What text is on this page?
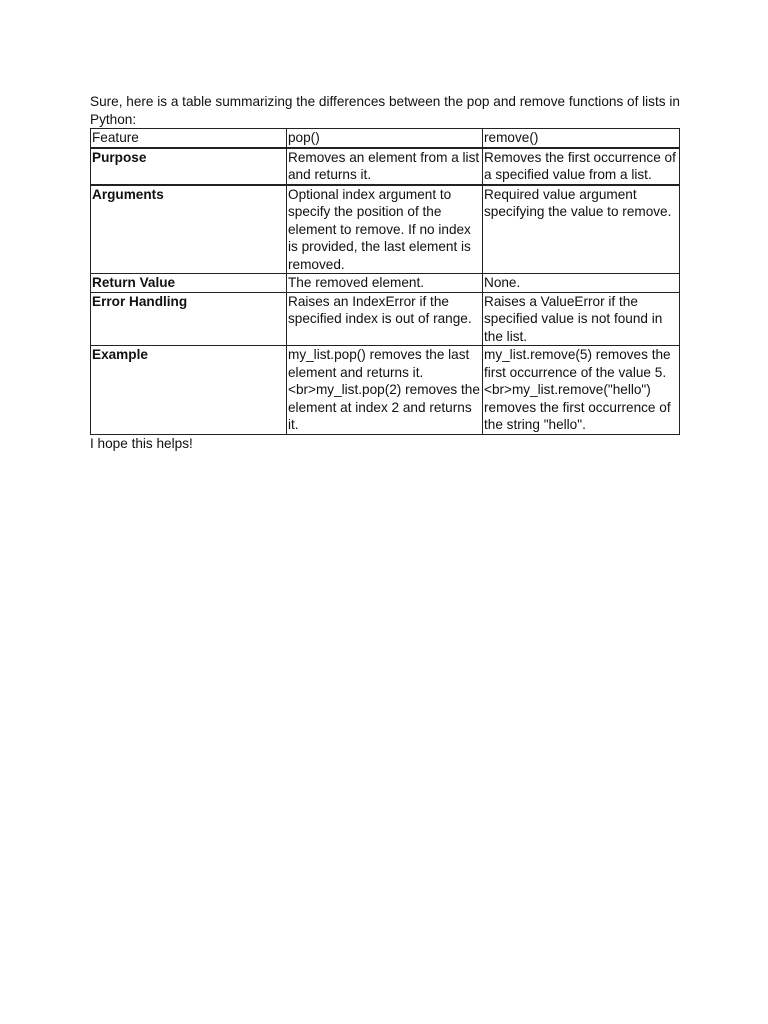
Sure, here is a table summarizing the differences between the pop and remove functions of lists in Python:

Feature	pop()	remove()
Purpose	Removes an element from a list and returns it.	Removes the first occurrence of a specified value from a list.
Arguments	Optional index argument to specify the position of the element to remove. If no index is provided, the last element is removed.	Required value argument specifying the value to remove.
Return Value	The removed element.	None.
Error Handling	Raises an IndexError if the specified index is out of range.	Raises a ValueError if the specified value is not found in the list.
Example	my_list.pop() removes the last element and returns it.<br>my_list.pop(2) removes the element at index 2 and returns it.	my_list.remove(5) removes the first occurrence of the value 5.<br>my_list.remove("hello") removes the first occurrence of the string "hello".

I hope this helps!
